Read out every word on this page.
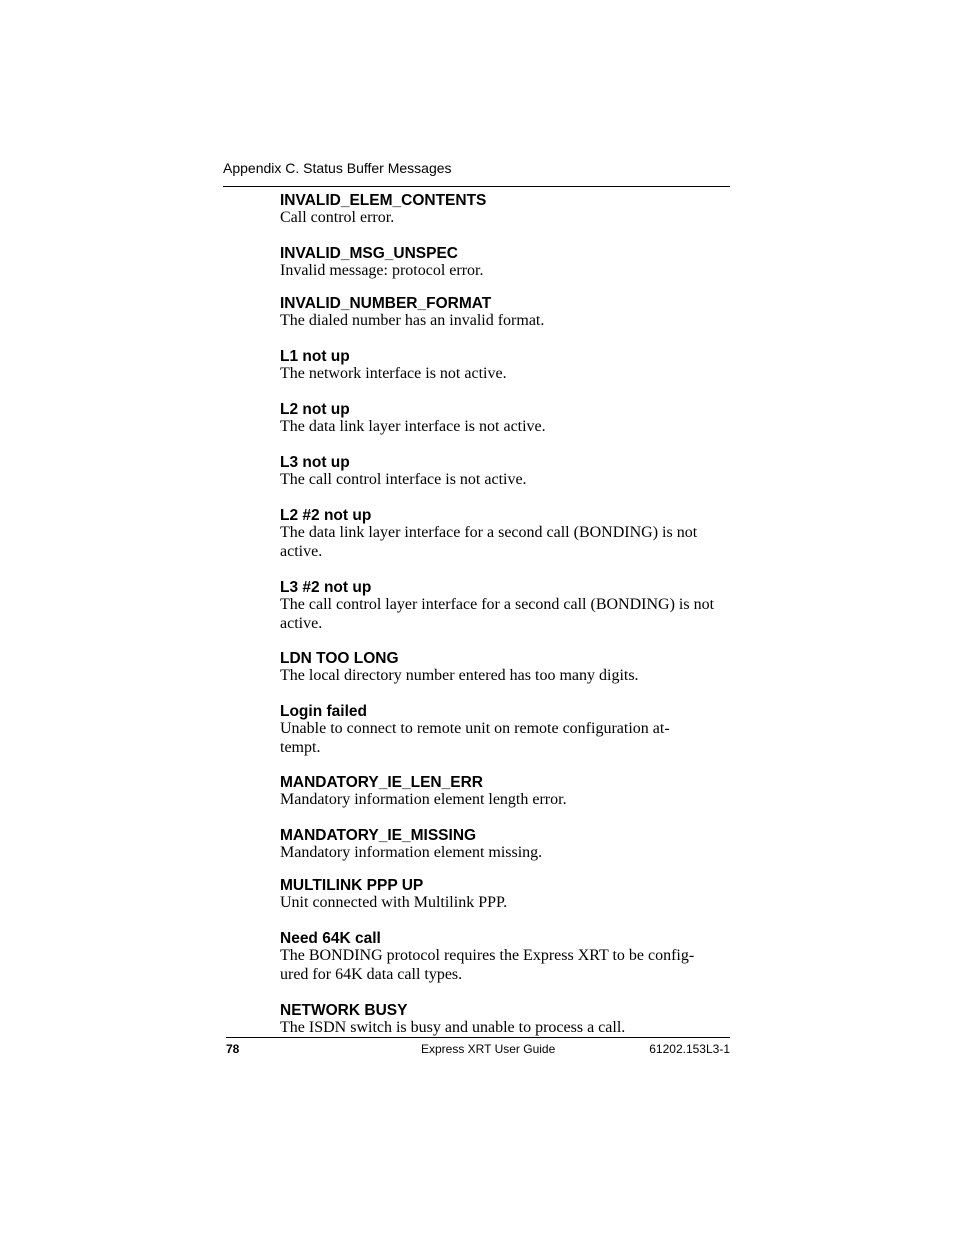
Appendix C. Status Buffer Messages
INVALID_ELEM_CONTENTS
Call control error.
INVALID_MSG_UNSPEC
Invalid message: protocol error.
INVALID_NUMBER_FORMAT
The dialed number has an invalid format.
L1 not up
The network interface is not active.
L2 not up
The data link layer interface is not active.
L3 not up
The call control interface is not active.
L2 #2 not up
The data link layer interface for a second call (BONDING) is not
active.
L3 #2 not up
The call control layer interface for a second call (BONDING) is not
active.
LDN TOO LONG
The local directory number entered has too many digits.
Login failed
Unable to connect to remote unit on remote configuration at-
tempt.
MANDATORY_IE_LEN_ERR
Mandatory information element length error.
MANDATORY_IE_MISSING
Mandatory information element missing.
MULTILINK PPP UP
Unit connected with Multilink PPP.
Need 64K call
The BONDING protocol requires the Express XRT to be config-
ured for 64K data call types.
NETWORK BUSY
The ISDN switch is busy and unable to process a call.
78	Express XRT User Guide	61202.153L3-1
